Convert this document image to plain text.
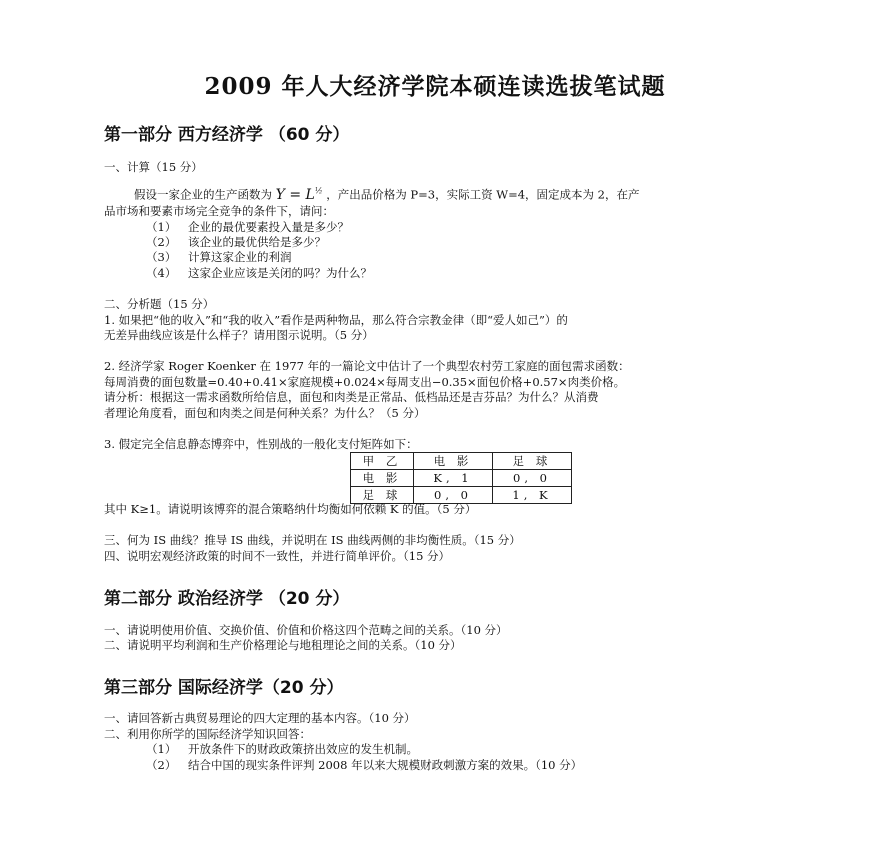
2009 年人大经济学院本硕连读选拔笔试题
第一部分 西方经济学 （60 分）
一、计算（15 分）
假设一家企业的生产函数为 $Y = L^{\frac{1}{2}}$ ，产出品价格为 P=3，实际工资 W=4，固定成本为 2，在产
品市场和要素市场完全竞争的条件下，请问：
（1） 企业的最优要素投入量是多少？
（2） 该企业的最优供给是多少？
（3） 计算这家企业的利润
（4） 这家企业应该是关闭的吗？为什么？
二、分析题（15 分）
1. 如果把“他的收入”和“我的收入”看作是两种物品，那么符合宗教金律（即“爱人如己”）的
无差异曲线应该是什么样子？请用图示说明。（5 分）
2. 经济学家 Roger Koenker 在 1977 年的一篇论文中估计了一个典型农村劳工家庭的面包需求函数：
每周消费的面包数量=0.40+0.41×家庭规模+0.024×每周支出−0.35×面包价格+0.57×肉类价格。
请分析：根据这一需求函数所给信息，面包和肉类是正常品、低档品还是吉芬品？为什么？从消费
者理论角度看，面包和肉类之间是何种关系？为什么？（5 分）
3. 假定完全信息静态博弈中，性别战的一般化支付矩阵如下：
甲 乙	电 影	足 球
电 影	K, 1	0, 0
足 球	0, 0	1, K
其中 K≥1。请说明该博弈的混合策略纳什均衡如何依赖 K 的值。（5 分）
三、何为 IS 曲线？推导 IS 曲线，并说明在 IS 曲线两侧的非均衡性质。（15 分）
四、说明宏观经济政策的时间不一致性，并进行简单评价。（15 分）
第二部分 政治经济学 （20 分）
一、请说明使用价值、交换价值、价值和价格这四个范畴之间的关系。（10 分）
二、请说明平均利润和生产价格理论与地租理论之间的关系。（10 分）
第三部分 国际经济学（20 分）
一、请回答新古典贸易理论的四大定理的基本内容。（10 分）
二、利用你所学的国际经济学知识回答：
（1） 开放条件下的财政政策挤出效应的发生机制。
（2） 结合中国的现实条件评判 2008 年以来大规模财政刺激方案的效果。（10 分）
